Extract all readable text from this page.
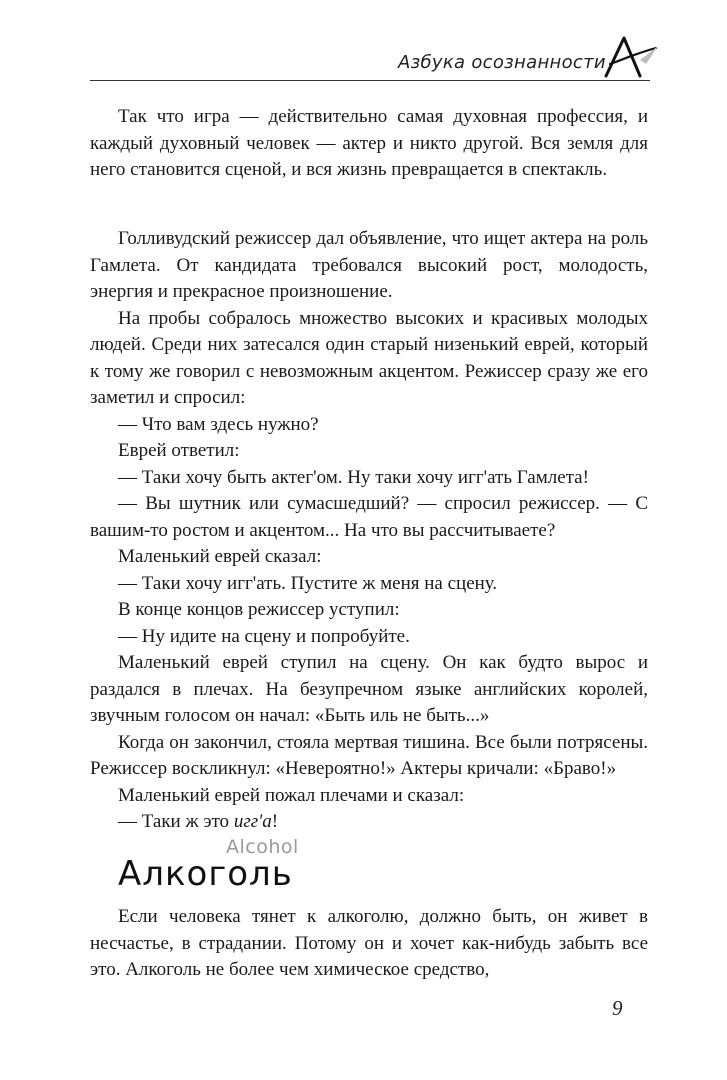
Азбука осознанности

Так что игра — действительно самая духовная профессия, и каждый духовный человек — актер и никто другой. Вся земля для него становится сценой, и вся жизнь превращается в спектакль.

Голливудский режиссер дал объявление, что ищет актера на роль Гамлета. От кандидата требовался высокий рост, молодость, энергия и прекрасное произношение.

На пробы собралось множество высоких и красивых молодых людей. Среди них затесался один старый низенький еврей, который к тому же говорил с невозможным акцентом. Режиссер сразу же его заметил и спросил:

— Что вам здесь нужно?

Еврей ответил:

— Таки хочу быть актег'ом. Ну таки хочу игг'ать Гамлета!

— Вы шутник или сумасшедший? — спросил режиссер. — С вашим-то ростом и акцентом... На что вы рассчитываете?

Маленький еврей сказал:

— Таки хочу игг'ать. Пустите ж меня на сцену.

В конце концов режиссер уступил:

— Ну идите на сцену и попробуйте.

Маленький еврей ступил на сцену. Он как будто вырос и раздался в плечах. На безупречном языке английских королей, звучным голосом он начал: «Быть иль не быть...»

Когда он закончил, стояла мертвая тишина. Все были потрясены. Режиссер воскликнул: «Невероятно!» Актеры кричали: «Браво!»

Маленький еврей пожал плечами и сказал:

— Таки ж это игг'а!

Alcohol
Алкоголь

Если человека тянет к алкоголю, должно быть, он живет в несчастье, в страдании. Потому он и хочет как-нибудь забыть все это. Алкоголь не более чем химическое средство,

9
